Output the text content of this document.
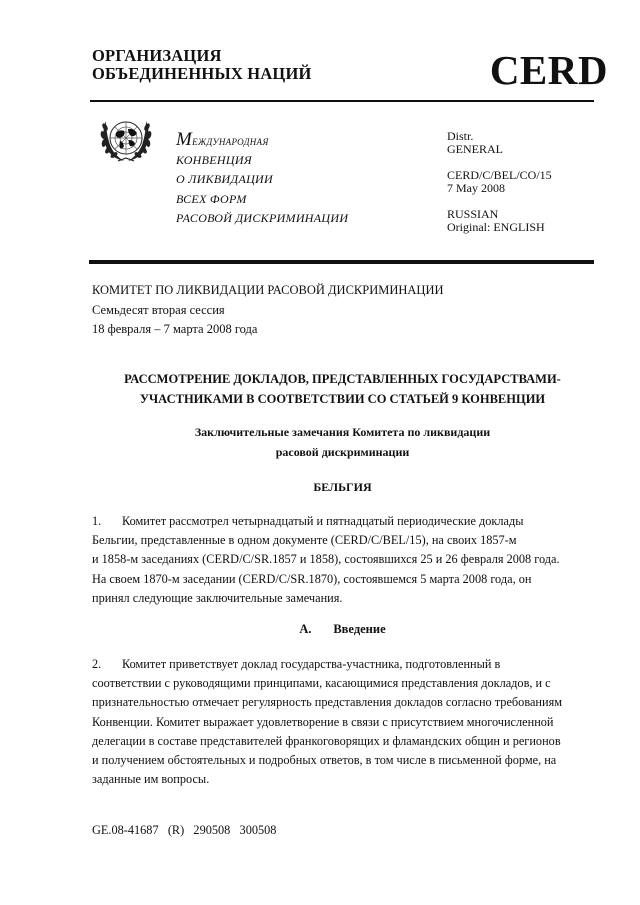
ОРГАНИЗАЦИЯ
ОБЪЕДИНЕННЫХ НАЦИЙ	CERD
Международная
КОНВЕНЦИЯ
О ЛИКВИДАЦИИ
ВСЕХ ФОРМ
РАСОВОЙ ДИСКРИМИНАЦИИ
Distr.
GENERAL
CERD/C/BEL/CO/15
7 May 2008
RUSSIAN
Original: ENGLISH
КОМИТЕТ ПО ЛИКВИДАЦИИ РАСОВОЙ ДИСКРИМИНАЦИИ
Семьдесят вторая сессия
18 февраля – 7 марта 2008 года
РАССМОТРЕНИЕ ДОКЛАДОВ, ПРЕДСТАВЛЕННЫХ ГОСУДАРСТВАМИ-
УЧАСТНИКАМИ В СООТВЕТСТВИИ СО СТАТЬЕЙ 9 КОНВЕНЦИИ
Заключительные замечания Комитета по ликвидации
расовой дискриминации
БЕЛЬГИЯ
1. Комитет рассмотрел четырнадцатый и пятнадцатый периодические доклады
Бельгии, представленные в одном документе (CERD/C/BEL/15), на своих 1857-м
и 1858-м заседаниях (CERD/C/SR.1857 и 1858), состоявшихся 25 и 26 февраля 2008 года.
На своем 1870-м заседании (CERD/C/SR.1870), состоявшемся 5 марта 2008 года, он
принял следующие заключительные замечания.
A. Введение
2. Комитет приветствует доклад государства-участника, подготовленный в
соответствии с руководящими принципами, касающимися представления докладов, и с
признательностью отмечает регулярность представления докладов согласно требованиям
Конвенции. Комитет выражает удовлетворение в связи с присутствием многочисленной
делегации в составе представителей франкоговорящих и фламандских общин и регионов
и получением обстоятельных и подробных ответов, в том числе в письменной форме, на
заданные им вопросы.
GE.08-41687   (R)   290508   300508
